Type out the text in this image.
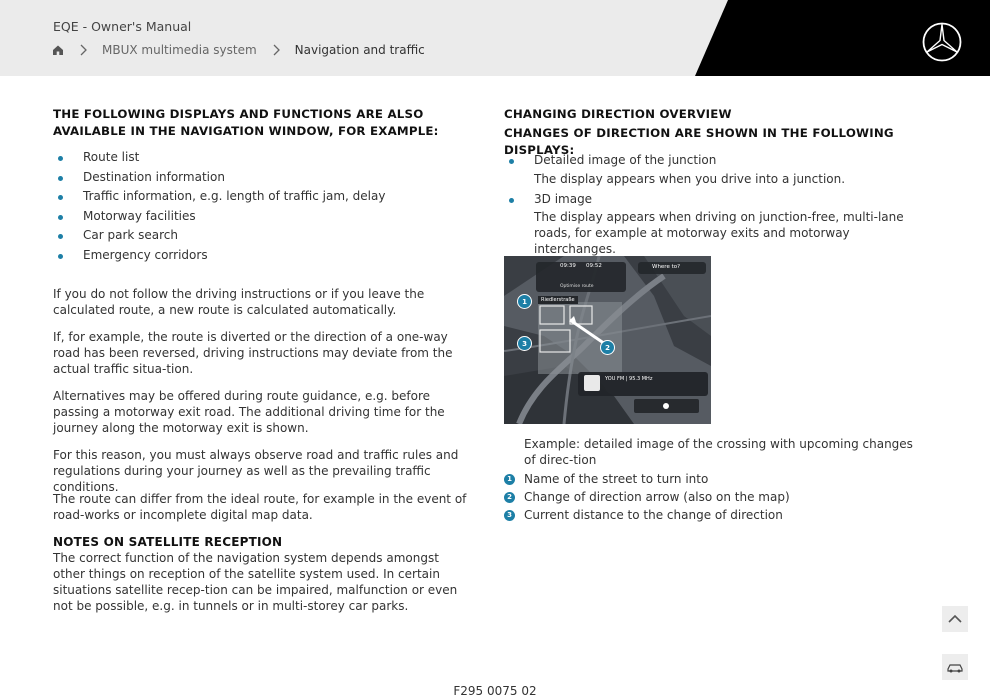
EQE - Owner's Manual
MBUX multimedia system	Navigation and traffic
THE FOLLOWING DISPLAYS AND FUNCTIONS ARE ALSO AVAILABLE IN THE NAVIGATION WINDOW, FOR EXAMPLE:
Route list
Destination information
Traffic information, e.g. length of traffic jam, delay
Motorway facilities
Car park search
Emergency corridors

If you do not follow the driving instructions or if you leave the calculated route, a new route is calculated automatically.

If, for example, the route is diverted or the direction of a one-way road has been reversed, driving instructions may deviate from the actual traffic situa-tion.

Alternatives may be offered during route guidance, e.g. before passing a motorway exit road. The additional driving time for the journey along the motorway exit is shown.

For this reason, you must always observe road and traffic rules and regulations during your journey as well as the prevailing traffic conditions.

The route can differ from the ideal route, for example in the event of road-works or incomplete digital map data.

NOTES ON SATELLITE RECEPTION
The correct function of the navigation system depends amongst other things on reception of the satellite system used. In certain situations satellite recep-tion can be impaired, malfunction or even not be possible, e.g. in tunnels or in multi-storey car parks.
CHANGING DIRECTION OVERVIEW
CHANGES OF DIRECTION ARE SHOWN IN THE FOLLOWING DISPLAYS:
Detailed image of the junction
The display appears when you drive into a junction.
3D image
The display appears when driving on junction-free, multi-lane roads, for example at motorway exits and motorway interchanges.
09:39 09:52	Where to?
Riedlerstraße
Optimise route
YOU FM | 95.3 MHz
1
2
3
Example: detailed image of the crossing with upcoming changes of direc-tion
1 Name of the street to turn into
2 Change of direction arrow (also on the map)
3 Current distance to the change of direction
F295 0075 02
